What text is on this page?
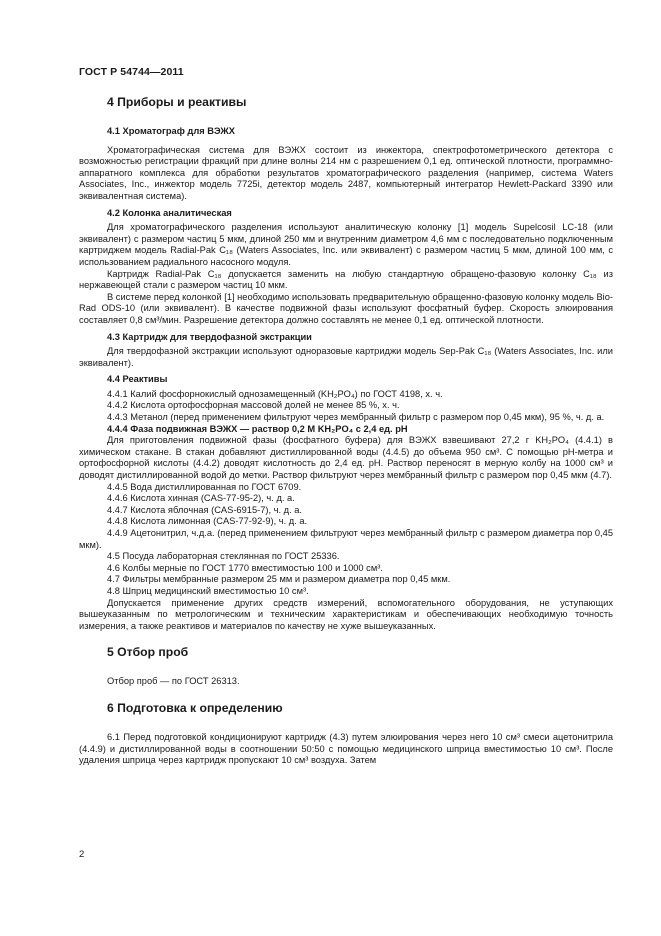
ГОСТ Р 54744—2011
4 Приборы и реактивы
4.1 Хроматограф для ВЭЖХ

Хроматографическая система для ВЭЖХ состоит из инжектора, спектрофотометрического детектора с возможностью регистрации фракций при длине волны 214 нм с разрешением 0,1 ед. оптической плотности, программно-аппаратного комплекса для обработки результатов хроматографического разделения (например, система Waters Associates, Inc., инжектор модель 7725i, детектор модель 2487, компьютерный интегратор Hewlett-Packard 3390 или эквивалентная система).

4.2 Колонка аналитическая

Для хроматографического разделения используют аналитическую колонку [1] модель Supelcosil LC-18 (или эквивалент) с размером частиц 5 мкм, длиной 250 мм и внутренним диаметром 4,6 мм с последовательно подключенным картриджем модель Radial-Pak C₁₈ (Waters Associates, Inc. или эквивалент) с размером частиц 5 мкм, длиной 100 мм, с использованием радиального насосного модуля.

Картридж Radial-Pak C₁₈ допускается заменить на любую стандартную обращено-фазовую колонку C₁₈ из нержавеющей стали с размером частиц 10 мкм.

В системе перед колонкой [1] необходимо использовать предварительную обращенно-фазовую колонку модель Bio-Rad ODS-10 (или эквивалент). В качестве подвижной фазы используют фосфатный буфер. Скорость элюирования составляет 0,8 см³/мин. Разрешение детектора должно составлять не менее 0,1 ед. оптической плотности.

4.3 Картридж для твердофазной экстракции

Для твердофазной экстракции используют одноразовые картриджи модель Sep-Pak C₁₈ (Waters Associates, Inc. или эквивалент).

4.4 Реактивы

4.4.1 Калий фосфорнокислый однозамещенный (KH₂PO₄) по ГОСТ 4198, х. ч.

4.4.2 Кислота ортофосфорная массовой долей не менее 85 %, х. ч.

4.4.3 Метанол (перед применением фильтруют через мембранный фильтр с размером пор 0,45 мкм), 95 %, ч. д. а.

4.4.4 Фаза подвижная ВЭЖХ — раствор 0,2 M KH₂PO₄ с 2,4 ед. pH

Для приготовления подвижной фазы (фосфатного буфера) для ВЭЖХ взвешивают 27,2 г KH₂PO₄ (4.4.1) в химическом стакане. В стакан добавляют дистиллированной воды (4.4.5) до объема 950 см³. С помощью pH-метра и ортофосфорной кислоты (4.4.2) доводят кислотность до 2,4 ед. pH. Раствор переносят в мерную колбу на 1000 см³ и доводят дистиллированной водой до метки. Раствор фильтруют через мембранный фильтр с размером пор 0,45 мкм (4.7).

4.4.5 Вода дистиллированная по ГОСТ 6709.

4.4.6 Кислота хинная (CAS-77-95-2), ч. д. а.

4.4.7 Кислота яблочная (CAS-6915-7), ч. д. а.

4.4.8 Кислота лимонная (CAS-77-92-9), ч. д. а.

4.4.9 Ацетонитрил, ч.д.а. (перед применением фильтруют через мембранный фильтр с размером диаметра пор 0,45 мкм).

4.5 Посуда лабораторная стеклянная по ГОСТ 25336.

4.6 Колбы мерные по ГОСТ 1770 вместимостью 100 и 1000 см³.

4.7 Фильтры мембранные размером 25 мм и размером диаметра пор 0,45 мкм.

4.8 Шприц медицинский вместимостью 10 см³.

Допускается применение других средств измерений, вспомогательного оборудования, не уступающих вышеуказанным по метрологическим и техническим характеристикам и обеспечивающих необходимую точность измерения, а также реактивов и материалов по качеству не хуже вышеуказанных.

5 Отбор проб

Отбор проб — по ГОСТ 26313.

6 Подготовка к определению

6.1 Перед подготовкой кондиционируют картридж (4.3) путем элюирования через него 10 см³ смеси ацетонитрила (4.4.9) и дистиллированной воды в соотношении 50:50 с помощью медицинского шприца вместимостью 10 см³. После удаления шприца через картридж пропускают 10 см³ воздуха. Затем

2
